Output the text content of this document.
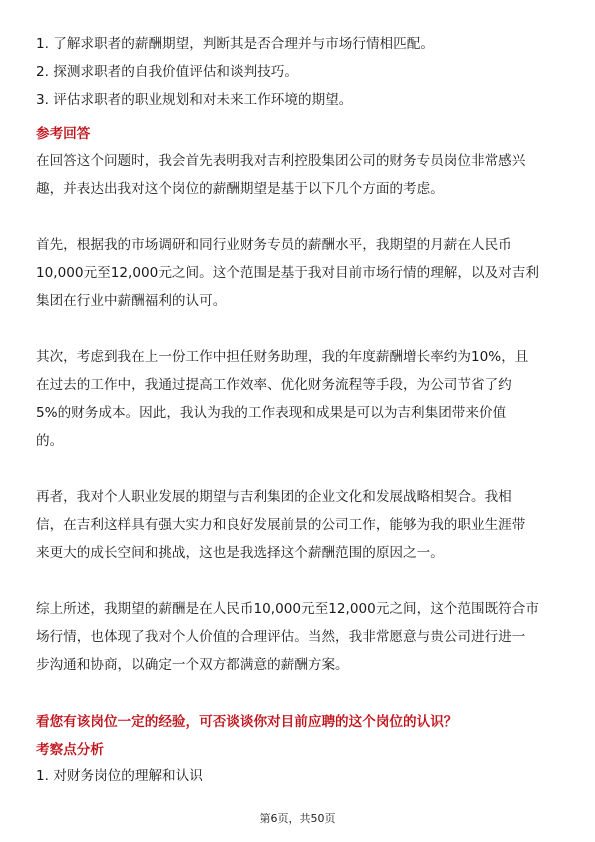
1. 了解求职者的薪酬期望，判断其是否合理并与市场行情相匹配。
2. 探测求职者的自我价值评估和谈判技巧。
3. 评估求职者的职业规划和对未来工作环境的期望。
参考回答
在回答这个问题时，我会首先表明我对吉利控股集团公司的财务专员岗位非常感兴
趣，并表达出我对这个岗位的薪酬期望是基于以下几个方面的考虑。
首先，根据我的市场调研和同行业财务专员的薪酬水平，我期望的月薪在人民币
10,000元至12,000元之间。这个范围是基于我对目前市场行情的理解，以及对吉利
集团在行业中薪酬福利的认可。
其次，考虑到我在上一份工作中担任财务助理，我的年度薪酬增长率约为10%，且
在过去的工作中，我通过提高工作效率、优化财务流程等手段，为公司节省了约
5%的财务成本。因此，我认为我的工作表现和成果是可以为吉利集团带来价值
的。
再者，我对个人职业发展的期望与吉利集团的企业文化和发展战略相契合。我相
信，在吉利这样具有强大实力和良好发展前景的公司工作，能够为我的职业生涯带
来更大的成长空间和挑战，这也是我选择这个薪酬范围的原因之一。
综上所述，我期望的薪酬是在人民币10,000元至12,000元之间，这个范围既符合市
场行情，也体现了我对个人价值的合理评估。当然，我非常愿意与贵公司进行进一
步沟通和协商，以确定一个双方都满意的薪酬方案。
看您有该岗位一定的经验，可否谈谈你对目前应聘的这个岗位的认识？
考察点分析
1. 对财务岗位的理解和认识
第6页，共50页
